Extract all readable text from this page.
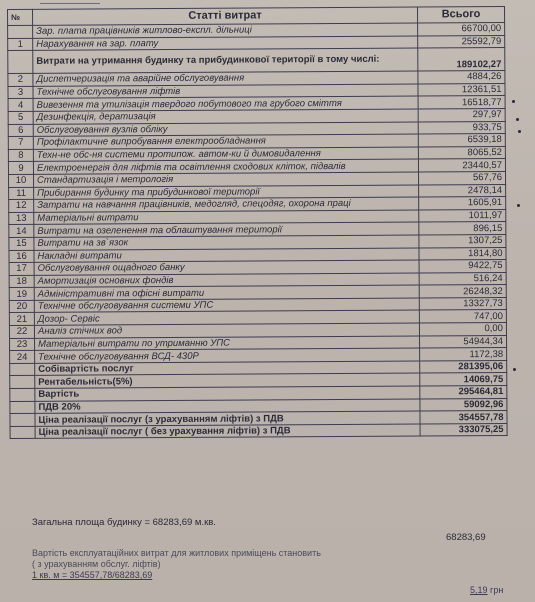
№	Статті витрат	Всього
	Зар. плата працівників житлово-експл. дільниці	66700,00
1	Нарахування на зар. плату	25592,79
	Витрати на утримання будинку та прибудинкової території в тому числі:	189102,27
2	Диспетчеризація та аварійне обслуговування	4884,26
3	Технічне обслуговування ліфтів	12361,51
4	Вивезення та утилізація твердого побутового та грубого сміття	16518,77
5	Дезинфекція, дератизація	297,97
6	Обслуговування вузлів обліку	933,75
7	Профілактичне випробування електрообладнання	6539,18
8	Техн-не обс-ня системи протипож. автом-ки й димовидалення	8065,52
9	Електроенергія для ліфтів та освітлення сходових кліток, підвалів	23440,57
10	Стандартизація і метрологія	567,76
11	Прибирання будинку та прибудинкової території	2478,14
12	Затрати на навчання працівників, медогляд, спецодяг, охорона праці	1605,91
13	Матеріальні витрати	1011,97
14	Витрати на озеленення та облаштування території	896,15
15	Витрати на зв`язок	1307,25
16	Накладні витрати	1814,80
17	Обслуговування ощадного банку	9422,75
18	Амортизація основних фондів	516,24
19	Адміністративні та офісні витрати	26248,32
20	Технічне обслуговування системи УПС	13327,73
21	Дозор- Сервіс	747,00
22	Аналіз стічних вод	0,00
23	Матеріальні витрати по утриманню УПС	54944,34
24	Технічне обслуговування ВСД- 430Р	1172,38
	Собівартість послуг	281395,06
	Рентабельність(5%)	14069,75
	Вартість	295464,81
	ПДВ 20%	59092,96
	Ціна реалізації послуг (з урахуванням ліфтів) з ПДВ	354557,78
	Ціна реалізації послуг ( без урахування ліфтів) з ПДВ	333075,25
Загальна площа будинку = 68283,69 м.кв.
68283,69
Вартість експлуатаційних витрат для житлових приміщень становить
( з урахуванням обслуг. ліфтів)
1 кв. м = 354557,78/68283,69
5,19 грн
